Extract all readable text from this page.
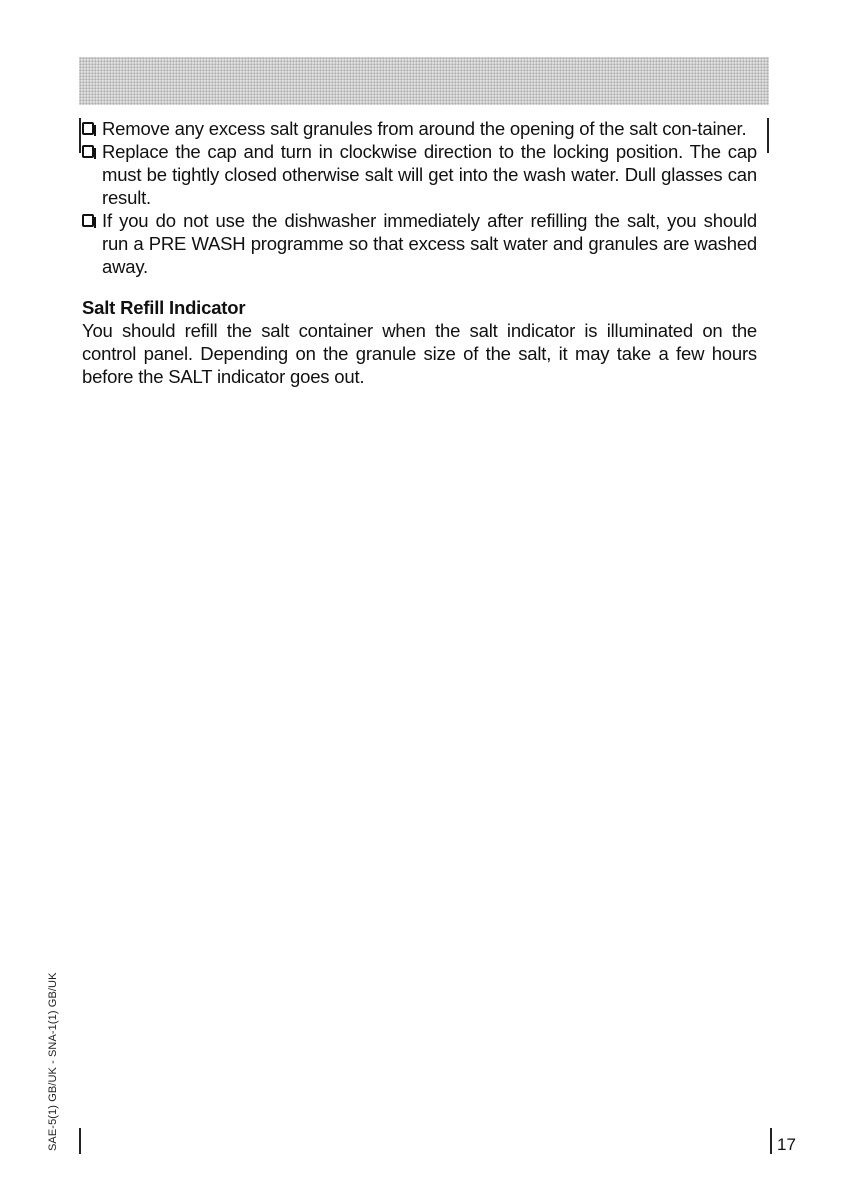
Remove any excess salt granules from around the opening of the salt con-tainer.

Replace the cap and turn in clockwise direction to the locking position. The cap must be tightly closed otherwise salt will get into the wash water. Dull glasses can result.

If you do not use the dishwasher immediately after refilling the salt, you should run a PRE WASH programme so that excess salt water and granules are washed away.

Salt Refill Indicator

You should refill the salt container when the salt indicator is illuminated on the control panel. Depending on the granule size of the salt, it may take a few hours before the SALT indicator goes out.

SAE-5(1) GB/UK - SNA-1(1) GB/UK	17
